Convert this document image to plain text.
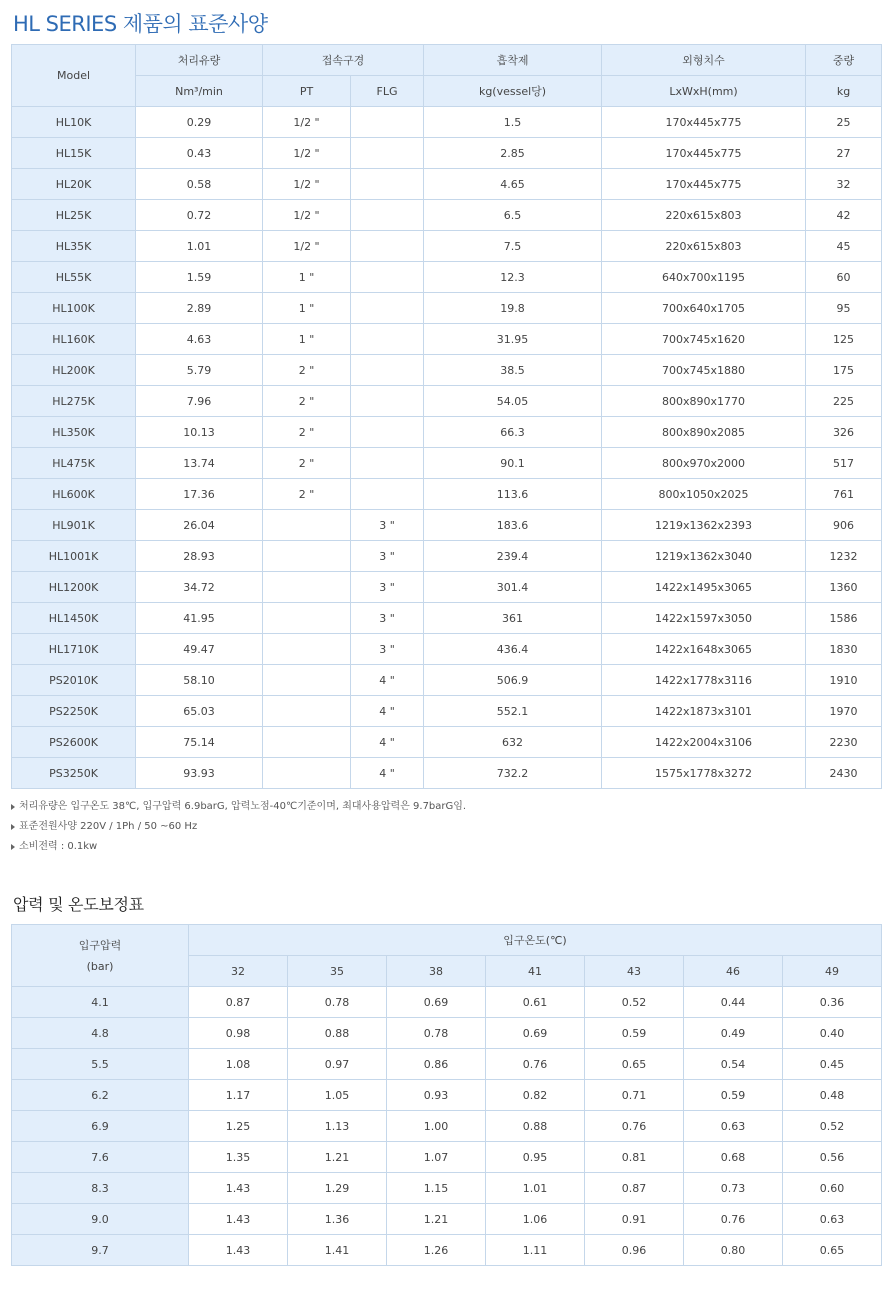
HL SERIES 제품의 표준사양
Model	처리유량	접속구경		흡착제	외형치수	중량
	Nm³/min	PT	FLG	kg(vessel당)	LxWxH(mm)	kg
HL10K	0.29	1/2 "		1.5	170x445x775	25
HL15K	0.43	1/2 "		2.85	170x445x775	27
HL20K	0.58	1/2 "		4.65	170x445x775	32
HL25K	0.72	1/2 "		6.5	220x615x803	42
HL35K	1.01	1/2 "		7.5	220x615x803	45
HL55K	1.59	1 "		12.3	640x700x1195	60
HL100K	2.89	1 "		19.8	700x640x1705	95
HL160K	4.63	1 "		31.95	700x745x1620	125
HL200K	5.79	2 "		38.5	700x745x1880	175
HL275K	7.96	2 "		54.05	800x890x1770	225
HL350K	10.13	2 "		66.3	800x890x2085	326
HL475K	13.74	2 "		90.1	800x970x2000	517
HL600K	17.36	2 "		113.6	800x1050x2025	761
HL901K	26.04		3 "	183.6	1219x1362x2393	906
HL1001K	28.93		3 "	239.4	1219x1362x3040	1232
HL1200K	34.72		3 "	301.4	1422x1495x3065	1360
HL1450K	41.95		3 "	361	1422x1597x3050	1586
HL1710K	49.47		3 "	436.4	1422x1648x3065	1830
PS2010K	58.10		4 "	506.9	1422x1778x3116	1910
PS2250K	65.03		4 "	552.1	1422x1873x3101	1970
PS2600K	75.14		4 "	632	1422x2004x3106	2230
PS3250K	93.93		4 "	732.2	1575x1778x3272	2430
처리유량은 입구온도 38℃, 입구압력 6.9barG, 압력노점-40℃기준이며, 최대사용압력은 9.7barG임.
표준전원사양 220V / 1Ph / 50 ~60 Hz
소비전력 : 0.1kw
압력 및 온도보정표
입구압력
(bar)	입구온도(℃)						
	32	35	38	41	43	46	49
4.1	0.87	0.78	0.69	0.61	0.52	0.44	0.36
4.8	0.98	0.88	0.78	0.69	0.59	0.49	0.40
5.5	1.08	0.97	0.86	0.76	0.65	0.54	0.45
6.2	1.17	1.05	0.93	0.82	0.71	0.59	0.48
6.9	1.25	1.13	1.00	0.88	0.76	0.63	0.52
7.6	1.35	1.21	1.07	0.95	0.81	0.68	0.56
8.3	1.43	1.29	1.15	1.01	0.87	0.73	0.60
9.0	1.43	1.36	1.21	1.06	0.91	0.76	0.63
9.7	1.43	1.41	1.26	1.11	0.96	0.80	0.65
